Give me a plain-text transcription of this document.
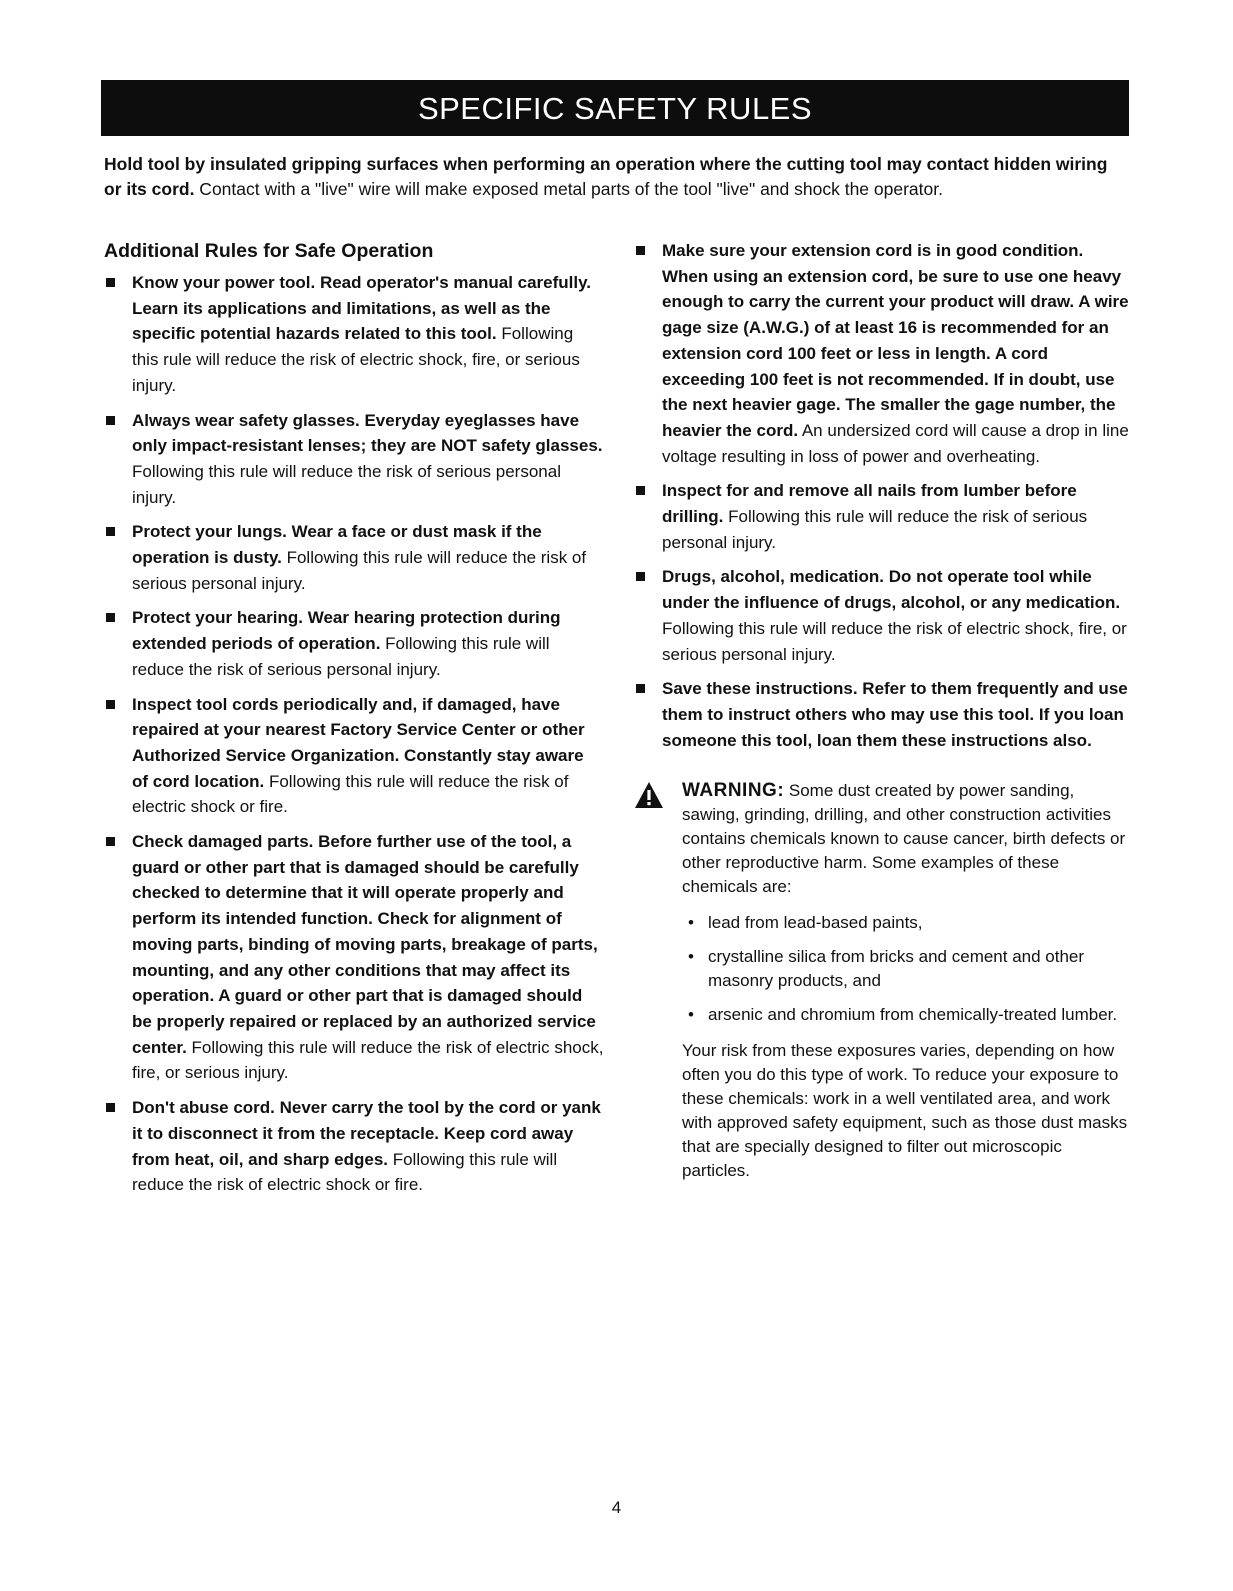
SPECIFIC SAFETY RULES
Hold tool by insulated gripping surfaces when performing an operation where the cutting tool may contact hidden wiring or its cord. Contact with a "live" wire will make exposed metal parts of the tool "live" and shock the operator.
Additional Rules for Safe Operation
Know your power tool. Read operator's manual carefully. Learn its applications and limitations, as well as the specific potential hazards related to this tool. Following this rule will reduce the risk of electric shock, fire, or serious injury.
Always wear safety glasses. Everyday eyeglasses have only impact-resistant lenses; they are NOT safety glasses. Following this rule will reduce the risk of serious personal injury.
Protect your lungs. Wear a face or dust mask if the operation is dusty. Following this rule will reduce the risk of serious personal injury.
Protect your hearing. Wear hearing protection during extended periods of operation. Following this rule will reduce the risk of serious personal injury.
Inspect tool cords periodically and, if damaged, have repaired at your nearest Factory Service Center or other Authorized Service Organization. Constantly stay aware of cord location. Following this rule will reduce the risk of electric shock or fire.
Check damaged parts. Before further use of the tool, a guard or other part that is damaged should be carefully checked to determine that it will operate properly and perform its intended function. Check for alignment of moving parts, binding of moving parts, breakage of parts, mounting, and any other conditions that may affect its operation. A guard or other part that is damaged should be properly repaired or replaced by an authorized service center. Following this rule will reduce the risk of electric shock, fire, or serious injury.
Don't abuse cord. Never carry the tool by the cord or yank it to disconnect it from the receptacle. Keep cord away from heat, oil, and sharp edges. Following this rule will reduce the risk of electric shock or fire.
Make sure your extension cord is in good condition. When using an extension cord, be sure to use one heavy enough to carry the current your product will draw. A wire gage size (A.W.G.) of at least 16 is recommended for an extension cord 100 feet or less in length. A cord exceeding 100 feet is not recommended. If in doubt, use the next heavier gage. The smaller the gage number, the heavier the cord. An undersized cord will cause a drop in line voltage resulting in loss of power and overheating.
Inspect for and remove all nails from lumber before drilling. Following this rule will reduce the risk of serious personal injury.
Drugs, alcohol, medication. Do not operate tool while under the influence of drugs, alcohol, or any medication. Following this rule will reduce the risk of electric shock, fire, or serious personal injury.
Save these instructions. Refer to them frequently and use them to instruct others who may use this tool. If you loan someone this tool, loan them these instructions also.
WARNING: Some dust created by power sanding, sawing, grinding, drilling, and other construction activities contains chemicals known to cause cancer, birth defects or other reproductive harm. Some examples of these chemicals are:
• lead from lead-based paints,
• crystalline silica from bricks and cement and other masonry products, and
• arsenic and chromium from chemically-treated lumber.
Your risk from these exposures varies, depending on how often you do this type of work. To reduce your exposure to these chemicals: work in a well ventilated area, and work with approved safety equipment, such as those dust masks that are specially designed to filter out microscopic particles.
4
